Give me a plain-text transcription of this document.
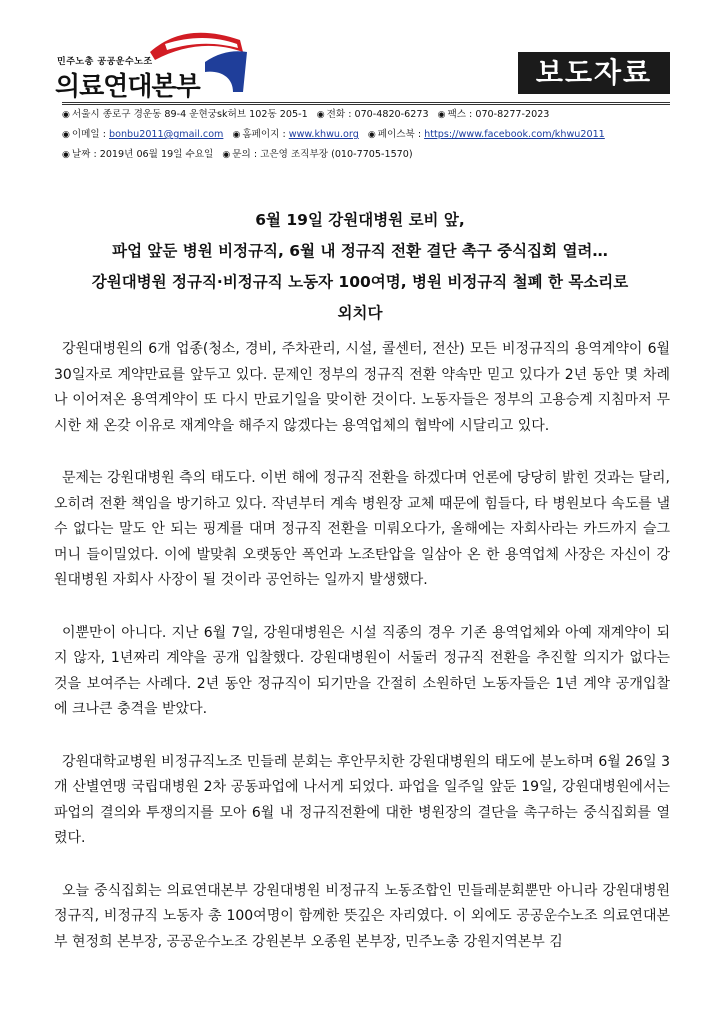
민주노총 공공운수노조
의료연대본부	보도자료
◉ 서울시 종로구 경운동 89-4 운현궁sk허브 102동 205-1 ◉ 전화 : 070-4820-6273 ◉ 팩스 : 070-8277-2023
◉ 이메일 : bonbu2011@gmail.com ◉ 홈페이지 : www.khwu.org ◉ 페이스북 : https://www.facebook.com/khwu2011
◉ 날짜 : 2019년 06월 19일 수요일 ◉ 문의 : 고은영 조직부장 (010-7705-1570)
6월 19일 강원대병원 로비 앞,
파업 앞둔 병원 비정규직, 6월 내 정규직 전환 결단 촉구 중식집회 열려…
강원대병원 정규직·비정규직 노동자 100여명, 병원 비정규직 철폐 한 목소리로
외치다

강원대병원의 6개 업종(청소, 경비, 주차관리, 시설, 콜센터, 전산) 모든 비정규직의 용역계약이 6월 30일자로 계약만료를 앞두고 있다. 문제인 정부의 정규직 전환 약속만 믿고 있다가 2년 동안 몇 차례나 이어져온 용역계약이 또 다시 만료기일을 맞이한 것이다. 노동자들은 정부의 고용승계 지침마저 무시한 채 온갖 이유로 재계약을 해주지 않겠다는 용역업체의 협박에 시달리고 있다.

문제는 강원대병원 측의 태도다. 이번 해에 정규직 전환을 하겠다며 언론에 당당히 밝힌 것과는 달리, 오히려 전환 책임을 방기하고 있다. 작년부터 계속 병원장 교체 때문에 힘들다, 타 병원보다 속도를 낼 수 없다는 말도 안 되는 핑계를 대며 정규직 전환을 미뤄오다가, 올해에는 자회사라는 카드까지 슬그머니 들이밀었다. 이에 발맞춰 오랫동안 폭언과 노조탄압을 일삼아 온 한 용역업체 사장은 자신이 강원대병원 자회사 사장이 될 것이라 공언하는 일까지 발생했다.

이뿐만이 아니다. 지난 6월 7일, 강원대병원은 시설 직종의 경우 기존 용역업체와 아예 재계약이 되지 않자, 1년짜리 계약을 공개 입찰했다. 강원대병원이 서둘러 정규직 전환을 추진할 의지가 없다는 것을 보여주는 사례다. 2년 동안 정규직이 되기만을 간절히 소원하던 노동자들은 1년 계약 공개입찰에 크나큰 충격을 받았다.

강원대학교병원 비정규직노조 민들레 분회는 후안무치한 강원대병원의 태도에 분노하며 6월 26일 3개 산별연맹 국립대병원 2차 공동파업에 나서게 되었다. 파업을 일주일 앞둔 19일, 강원대병원에서는 파업의 결의와 투쟁의지를 모아 6월 내 정규직전환에 대한 병원장의 결단을 촉구하는 중식집회를 열렸다.

오늘 중식집회는 의료연대본부 강원대병원 비정규직 노동조합인 민들레분회뿐만 아니라 강원대병원 정규직, 비정규직 노동자 총 100여명이 함께한 뜻깊은 자리였다. 이 외에도 공공운수노조 의료연대본부 현정희 본부장, 공공운수노조 강원본부 오종원 본부장, 민주노총 강원지역본부 김
